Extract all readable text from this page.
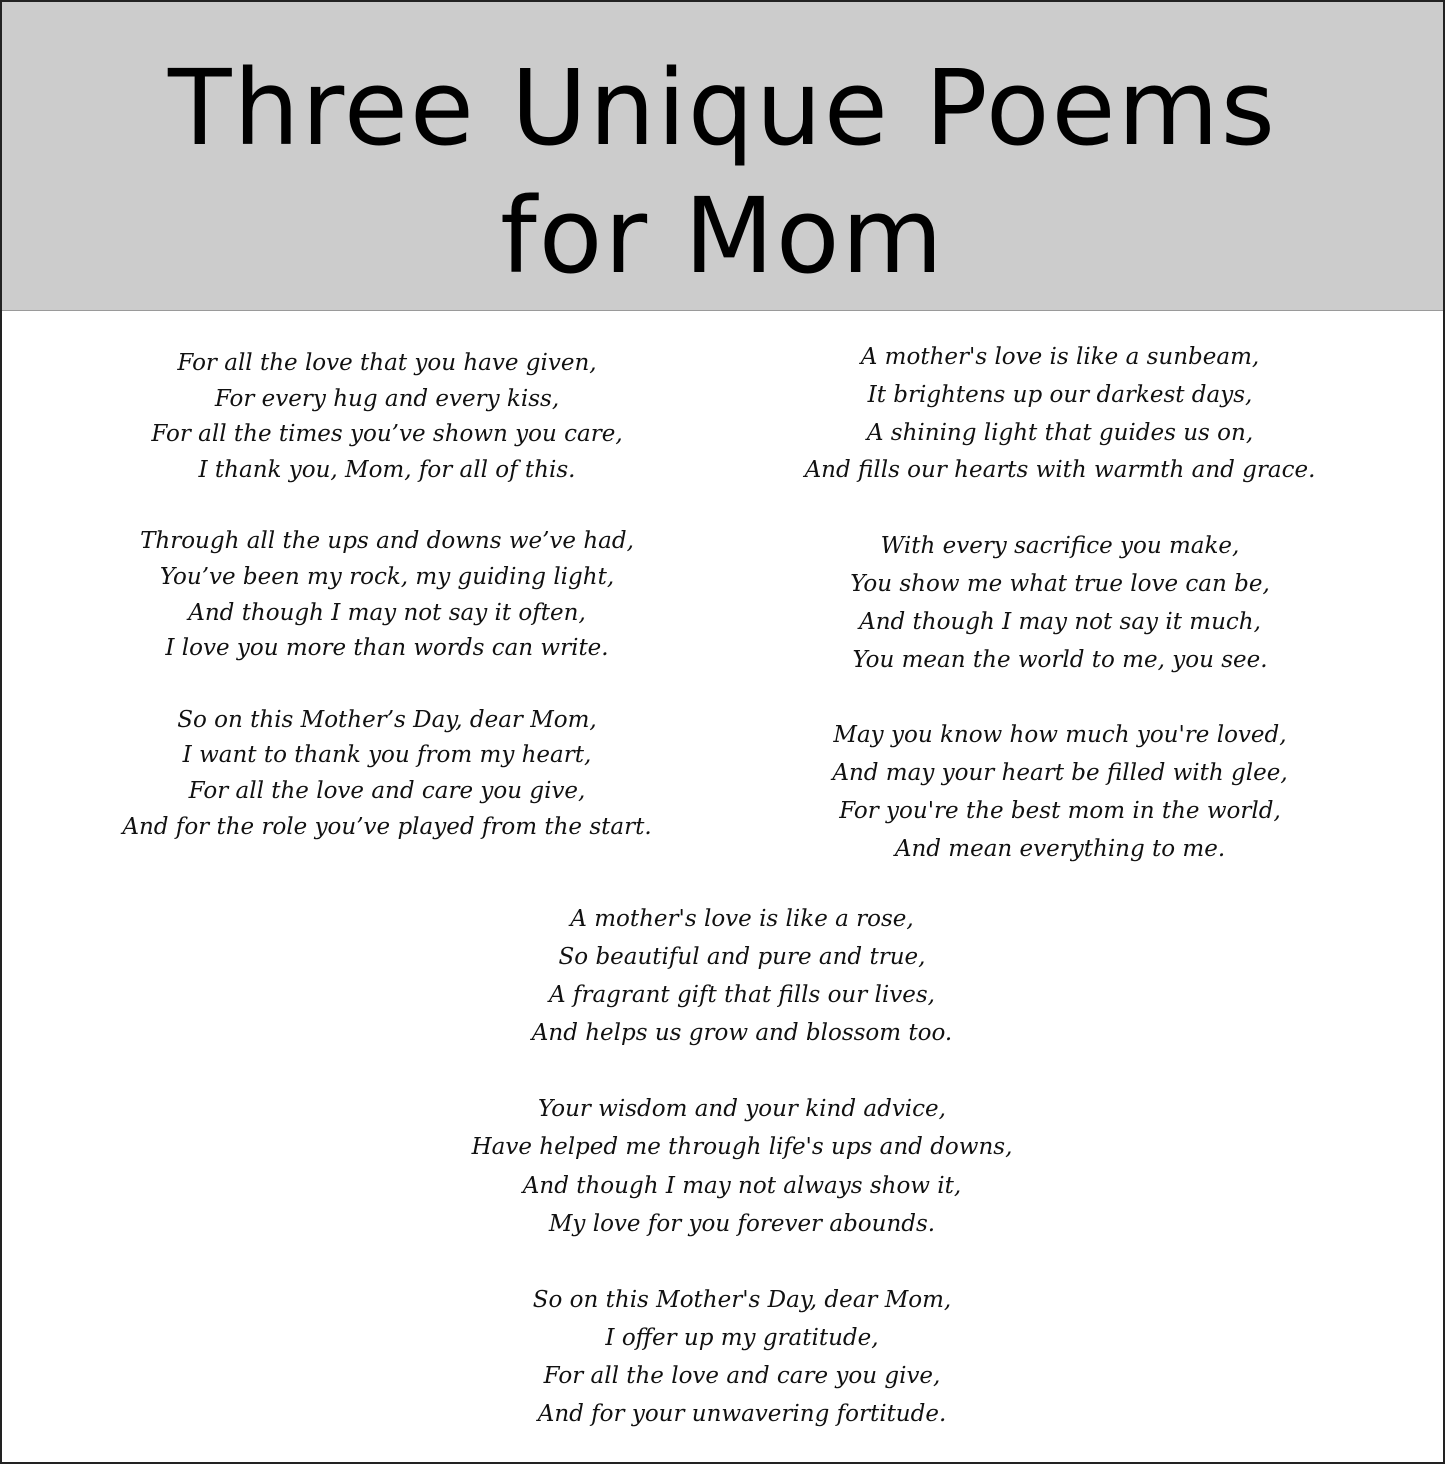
Three Unique Poems
for Mom
For all the love that you have given,
For every hug and every kiss,
For all the times you’ve shown you care,
I thank you, Mom, for all of this.
Through all the ups and downs we’ve had,
You’ve been my rock, my guiding light,
And though I may not say it often,
I love you more than words can write.
So on this Mother’s Day, dear Mom,
I want to thank you from my heart,
For all the love and care you give,
And for the role you’ve played from the start.
A mother's love is like a sunbeam,
It brightens up our darkest days,
A shining light that guides us on,
And fills our hearts with warmth and grace.
With every sacrifice you make,
You show me what true love can be,
And though I may not say it much,
You mean the world to me, you see.
May you know how much you're loved,
And may your heart be filled with glee,
For you're the best mom in the world,
And mean everything to me.
A mother's love is like a rose,
So beautiful and pure and true,
A fragrant gift that fills our lives,
And helps us grow and blossom too.
Your wisdom and your kind advice,
Have helped me through life's ups and downs,
And though I may not always show it,
My love for you forever abounds.
So on this Mother's Day, dear Mom,
I offer up my gratitude,
For all the love and care you give,
And for your unwavering fortitude.
